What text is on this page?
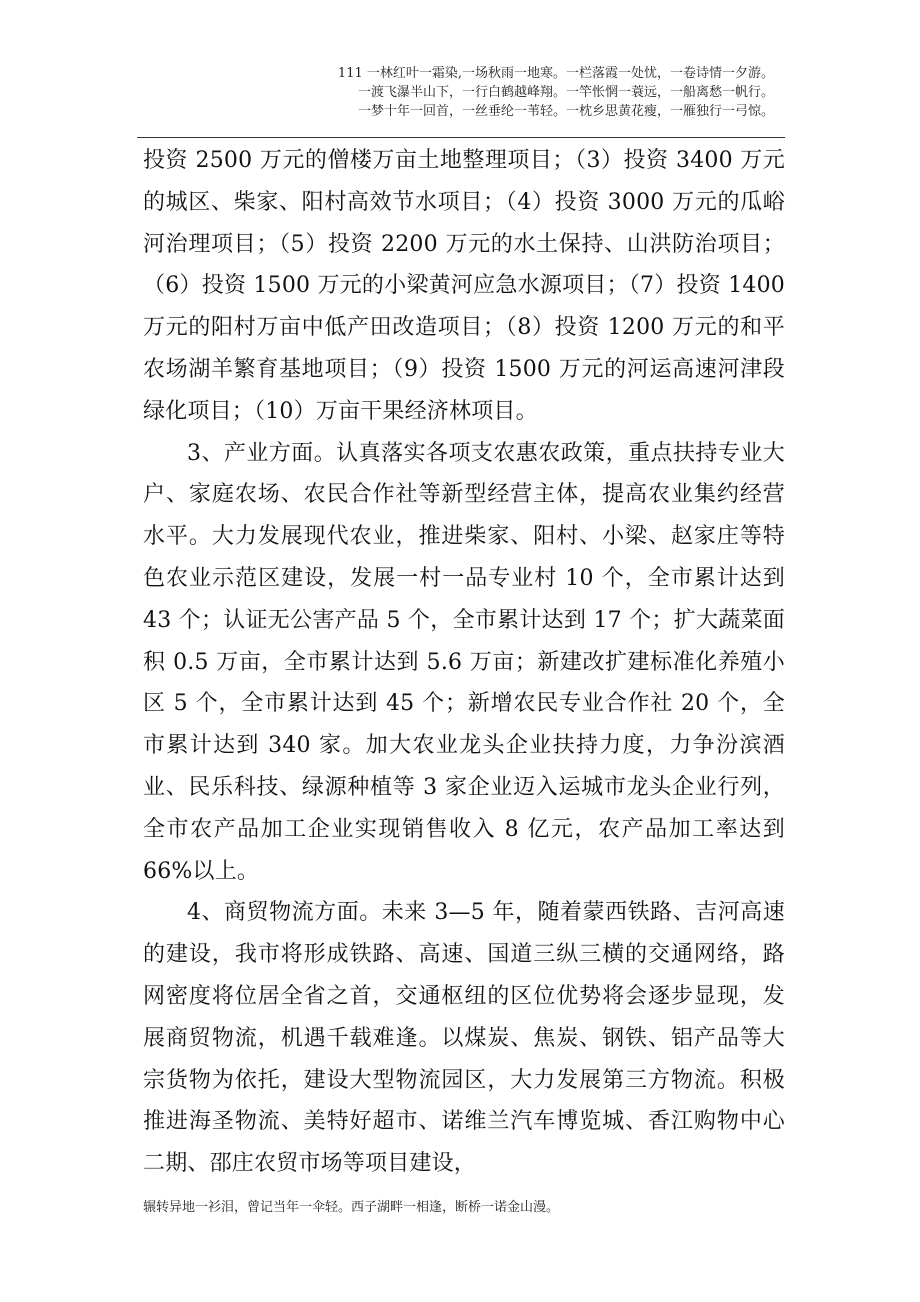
111 一林红叶一霜染,一场秋雨一地寒。一栏落霞一处忧，一卷诗情一夕游。
一渡飞瀑半山下，一行白鹤越峰翔。一竿怅惘一蓑远，一船离愁一帆行。
一梦十年一回首，一丝垂纶一苇轻。一枕乡思黄花瘦，一雁独行一弓惊。

投资 2500 万元的僧楼万亩土地整理项目；（3）投资 3400 万元的城区、柴家、阳村高效节水项目；（4）投资 3000 万元的瓜峪河治理项目；（5）投资 2200 万元的水土保持、山洪防治项目；（6）投资 1500 万元的小梁黄河应急水源项目；（7）投资 1400 万元的阳村万亩中低产田改造项目；（8）投资 1200 万元的和平农场湖羊繁育基地项目；（9）投资 1500 万元的河运高速河津段绿化项目；（10）万亩干果经济林项目。

3、产业方面。认真落实各项支农惠农政策，重点扶持专业大户、家庭农场、农民合作社等新型经营主体，提高农业集约经营水平。大力发展现代农业，推进柴家、阳村、小梁、赵家庄等特色农业示范区建设，发展一村一品专业村 10 个，全市累计达到 43 个；认证无公害产品 5 个，全市累计达到 17 个；扩大蔬菜面积 0.5 万亩，全市累计达到 5.6 万亩；新建改扩建标准化养殖小区 5 个，全市累计达到 45 个；新增农民专业合作社 20 个，全市累计达到 340 家。加大农业龙头企业扶持力度，力争汾滨酒业、民乐科技、绿源种植等 3 家企业迈入运城市龙头企业行列，全市农产品加工企业实现销售收入 8 亿元，农产品加工率达到 66%以上。

4、商贸物流方面。未来 3—5 年，随着蒙西铁路、吉河高速的建设，我市将形成铁路、高速、国道三纵三横的交通网络，路网密度将位居全省之首，交通枢纽的区位优势将会逐步显现，发展商贸物流，机遇千载难逢。以煤炭、焦炭、钢铁、铝产品等大宗货物为依托，建设大型物流园区，大力发展第三方物流。积极推进海圣物流、美特好超市、诺维兰汽车博览城、香江购物中心二期、邵庄农贸市场等项目建设，

辗转异地一衫泪，曾记当年一伞轻。西子湖畔一相逢，断桥一诺金山漫。
